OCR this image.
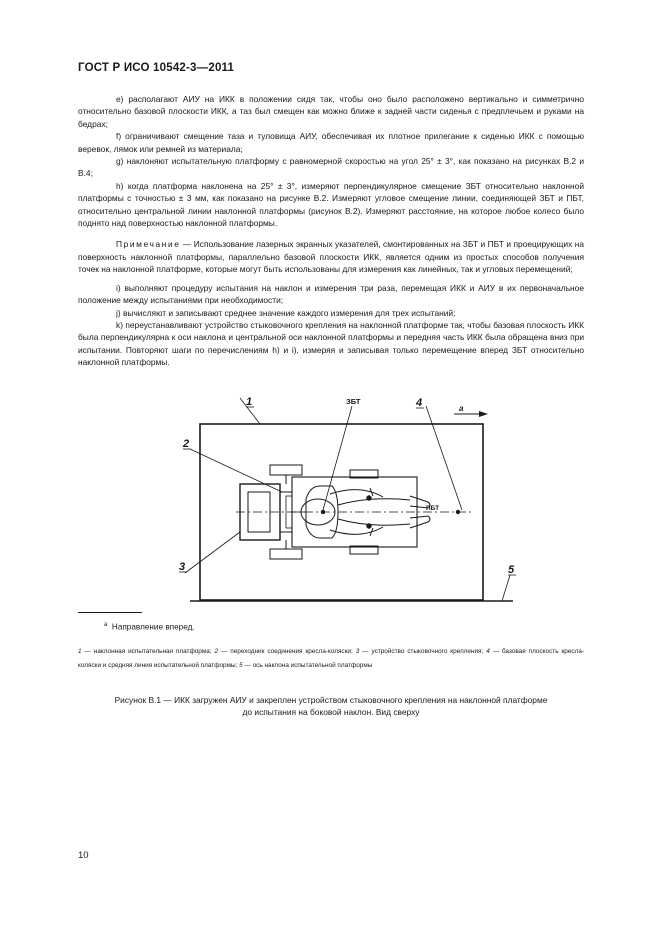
ГОСТ Р ИСО 10542-3—2011

е) располагают АИУ на ИКК в положении сидя так, чтобы оно было расположено вертикально и симметрично относительно базовой плоскости ИКК, а таз был смещен как можно ближе к задней части сиденья с предплечьем и руками на бедрах;

f) ограничивают смещение таза и туловища АИУ, обеспечивая их плотное прилегание к сиденью ИКК с помощью веревок, лямок или ремней из материала;

g) наклоняют испытательную платформу с равномерной скоростью на угол 25° ± 3°, как показано на рисунках В.2 и В.4;

h) когда платформа наклонена на 25° ± 3°, измеряют перпендикулярное смещение ЗБТ относительно наклонной платформы с точностью ± 3 мм, как показано на рисунке В.2. Измеряют угловое смещение линии, соединяющей ЗБТ и ПБТ, относительно центральной линии наклонной платформы (рисунок В.2). Измеряют расстояние, на которое любое колесо было поднято над поверхностью наклонной платформы.

Примечание — Использование лазерных экранных указателей, смонтированных на ЗБТ и ПБТ и проецирующих на поверхность наклонной платформы, параллельно базовой плоскости ИКК, является одним из простых способов получения точек на наклонной платформе, которые могут быть использованы для измерения как линейных, так и угловых перемещений;

i) выполняют процедуру испытания на наклон и измерения три раза, перемещая ИКК и АИУ в их первоначальное положение между испытаниями при необходимости;

j) вычисляют и записывают среднее значение каждого измерения для трех испытаний;

k) переустанавливают устройство стыковочного крепления на наклонной платформе так, чтобы базовая плоскость ИКК была перпендикулярна к оси наклона и центральной оси наклонной платформы и передняя часть ИКК была обращена вниз при испытании. Повторяют шаги по перечислениям h) и i), измеряя и записывая только перемещение вперед ЗБТ относительно наклонной платформы.

1
2
3
4
5
ЗБТ
ПБТ
a
$^a$ Направление вперед.
1 — наклонная испытательная платформа; 2 — переходник соединения кресла-коляски; 3 — устройство стыковочного крепления; 4 — базовая плоскость кресла-коляски и средняя линия испытательной платформы; 5 — ось наклона испытательной платформы
Рисунок В.1 — ИКК загружен АИУ и закреплен устройством стыковочного крепления на наклонной платформе
до испытания на боковой наклон. Вид сверху
10
